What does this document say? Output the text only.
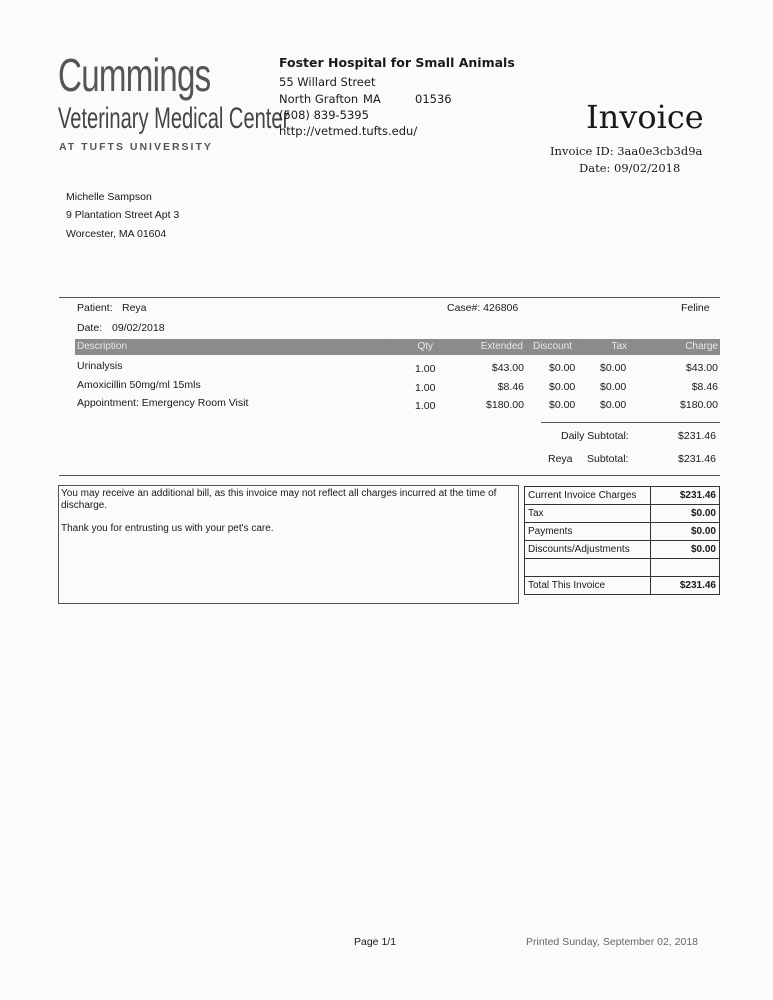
Cummings
Veterinary Medical Center
AT TUFTS UNIVERSITY
Foster Hospital for Small Animals
55 Willard Street
North Grafton MA	01536
(508) 839-5395
http://vetmed.tufts.edu/	Invoice
Invoice ID: 3aa0e3cb3d9a
Date: 09/02/2018
Michelle Sampson
9 Plantation Street Apt 3
Worcester, MA 01604
Patient: Reya	Case#: 426806	Feline
Date: 09/02/2018
Description	Qty	Extended	Discount	Tax	Charge
Urinalysis	1.00	$43.00 $0.00 $0.00	$43.00
Amoxicillin 50mg/ml 15mls	1.00	$8.46 $0.00 $0.00	$8.46
Appointment: Emergency Room Visit	1.00	$180.00 $0.00 $0.00	$180.00
Daily Subtotal:	$231.46
Reya Subtotal:	$231.46
You may receive an additional bill, as this invoice may not reflect all charges incurred at the time of
discharge.
Thank you for entrusting us with your pet's care.
Current Invoice Charges	$231.46
Tax	$0.00
Payments	$0.00
Discounts/Adjustments	$0.00

Total This Invoice	$231.46
Page 1/1	Printed Sunday, September 02, 2018
